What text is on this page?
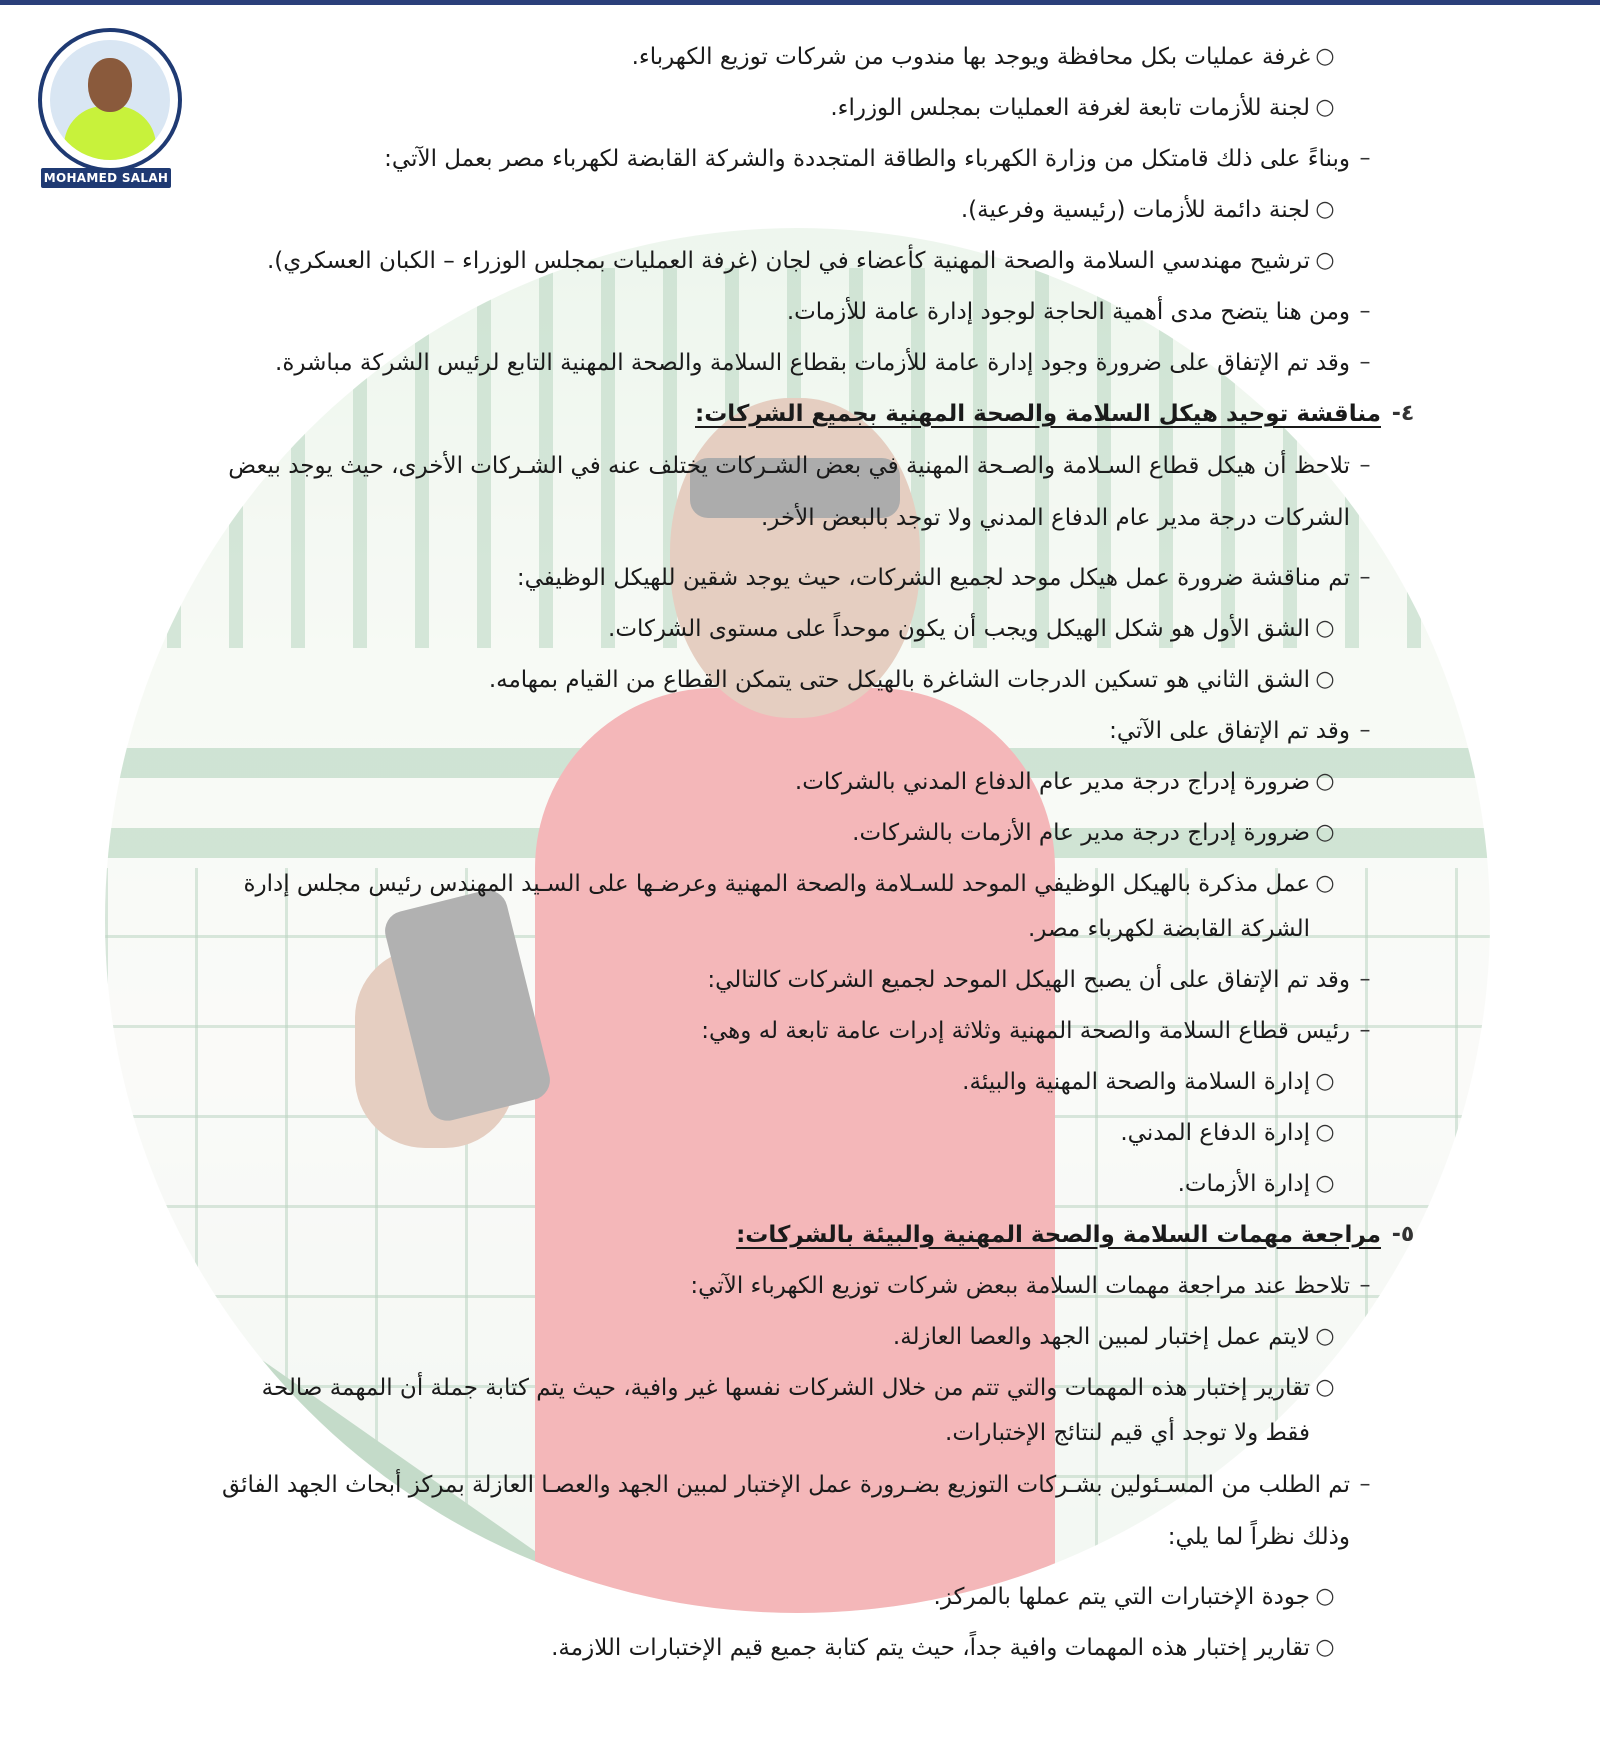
MOHAMED SALAH
○
غرفة عمليات بكل محافظة ويوجد بها مندوب من شركات توزيع الكهرباء.
○
لجنة للأزمات تابعة لغرفة العمليات بمجلس الوزراء.
–
وبناءً على ذلك قامتكل من وزارة الكهرباء والطاقة المتجددة والشركة القابضة لكهرباء مصر بعمل الآتي:
○
لجنة دائمة للأزمات (رئيسية وفرعية).
○
ترشيح مهندسي السلامة والصحة المهنية كأعضاء في لجان (غرفة العمليات بمجلس الوزراء – الكبان العسكري).
–
ومن هنا يتضح مدى أهمية الحاجة لوجود إدارة عامة للأزمات.
–
وقد تم الإتفاق على ضرورة وجود إدارة عامة للأزمات بقطاع السلامة والصحة المهنية التابع لرئيس الشركة مباشرة.
٤-
مناقشة توحيد هيكل السلامة والصحة المهنية بجميع الشركات:
–
تلاحظ أن هيكل قطاع السـلامة والصـحة المهنية في بعض الشـركات يختلف عنه في الشـركات الأخرى، حيث يوجد بيعض الشركات درجة مدير عام الدفاع المدني ولا توجد بالبعض الأخر.
–
تم مناقشة ضرورة عمل هيكل موحد لجميع الشركات، حيث يوجد شقين للهيكل الوظيفي:
○
الشق الأول هو شكل الهيكل ويجب أن يكون موحداً على مستوى الشركات.
○
الشق الثاني هو تسكين الدرجات الشاغرة بالهيكل حتى يتمكن القطاع من القيام بمهامه.
–
وقد تم الإتفاق على الآتي:
○
ضرورة إدراج درجة مدير عام الدفاع المدني بالشركات.
○
ضرورة إدراج درجة مدير عام الأزمات بالشركات.
○
عمل مذكرة بالهيكل الوظيفي الموحد للسـلامة والصحة المهنية وعرضـها على السـيد المهندس رئيس مجلس إدارة
الشركة القابضة لكهرباء مصر.
–
وقد تم الإتفاق على أن يصبح الهيكل الموحد لجميع الشركات كالتالي:
–
رئيس قطاع السلامة والصحة المهنية وثلاثة إدرات عامة تابعة له وهي:
○
إدارة السلامة والصحة المهنية والبيئة.
○
إدارة الدفاع المدني.
○
إدارة الأزمات.
٥-
مراجعة مهمات السلامة والصحة المهنية والبيئة بالشركات:
–
تلاحظ عند مراجعة مهمات السلامة ببعض شركات توزيع الكهرباء الآتي:
○
لايتم عمل إختبار لمبين الجهد والعصا العازلة.
○
تقارير إختبار هذه المهمات والتي تتم من خلال الشركات نفسها غير وافية، حيث يتم كتابة جملة أن المهمة صالحة
فقط ولا توجد أي قيم لنتائج الإختبارات.
–
تم الطلب من المسـئولين بشـركات التوزيع بضـرورة عمل الإختبار لمبين الجهد والعصـا العازلة بمركز أبحاث الجهد الفائق وذلك نظراً لما يلي:
○
جودة الإختبارات التي يتم عملها بالمركز.
○
تقارير إختبار هذه المهمات وافية جداً، حيث يتم كتابة جميع قيم الإختبارات اللازمة.
